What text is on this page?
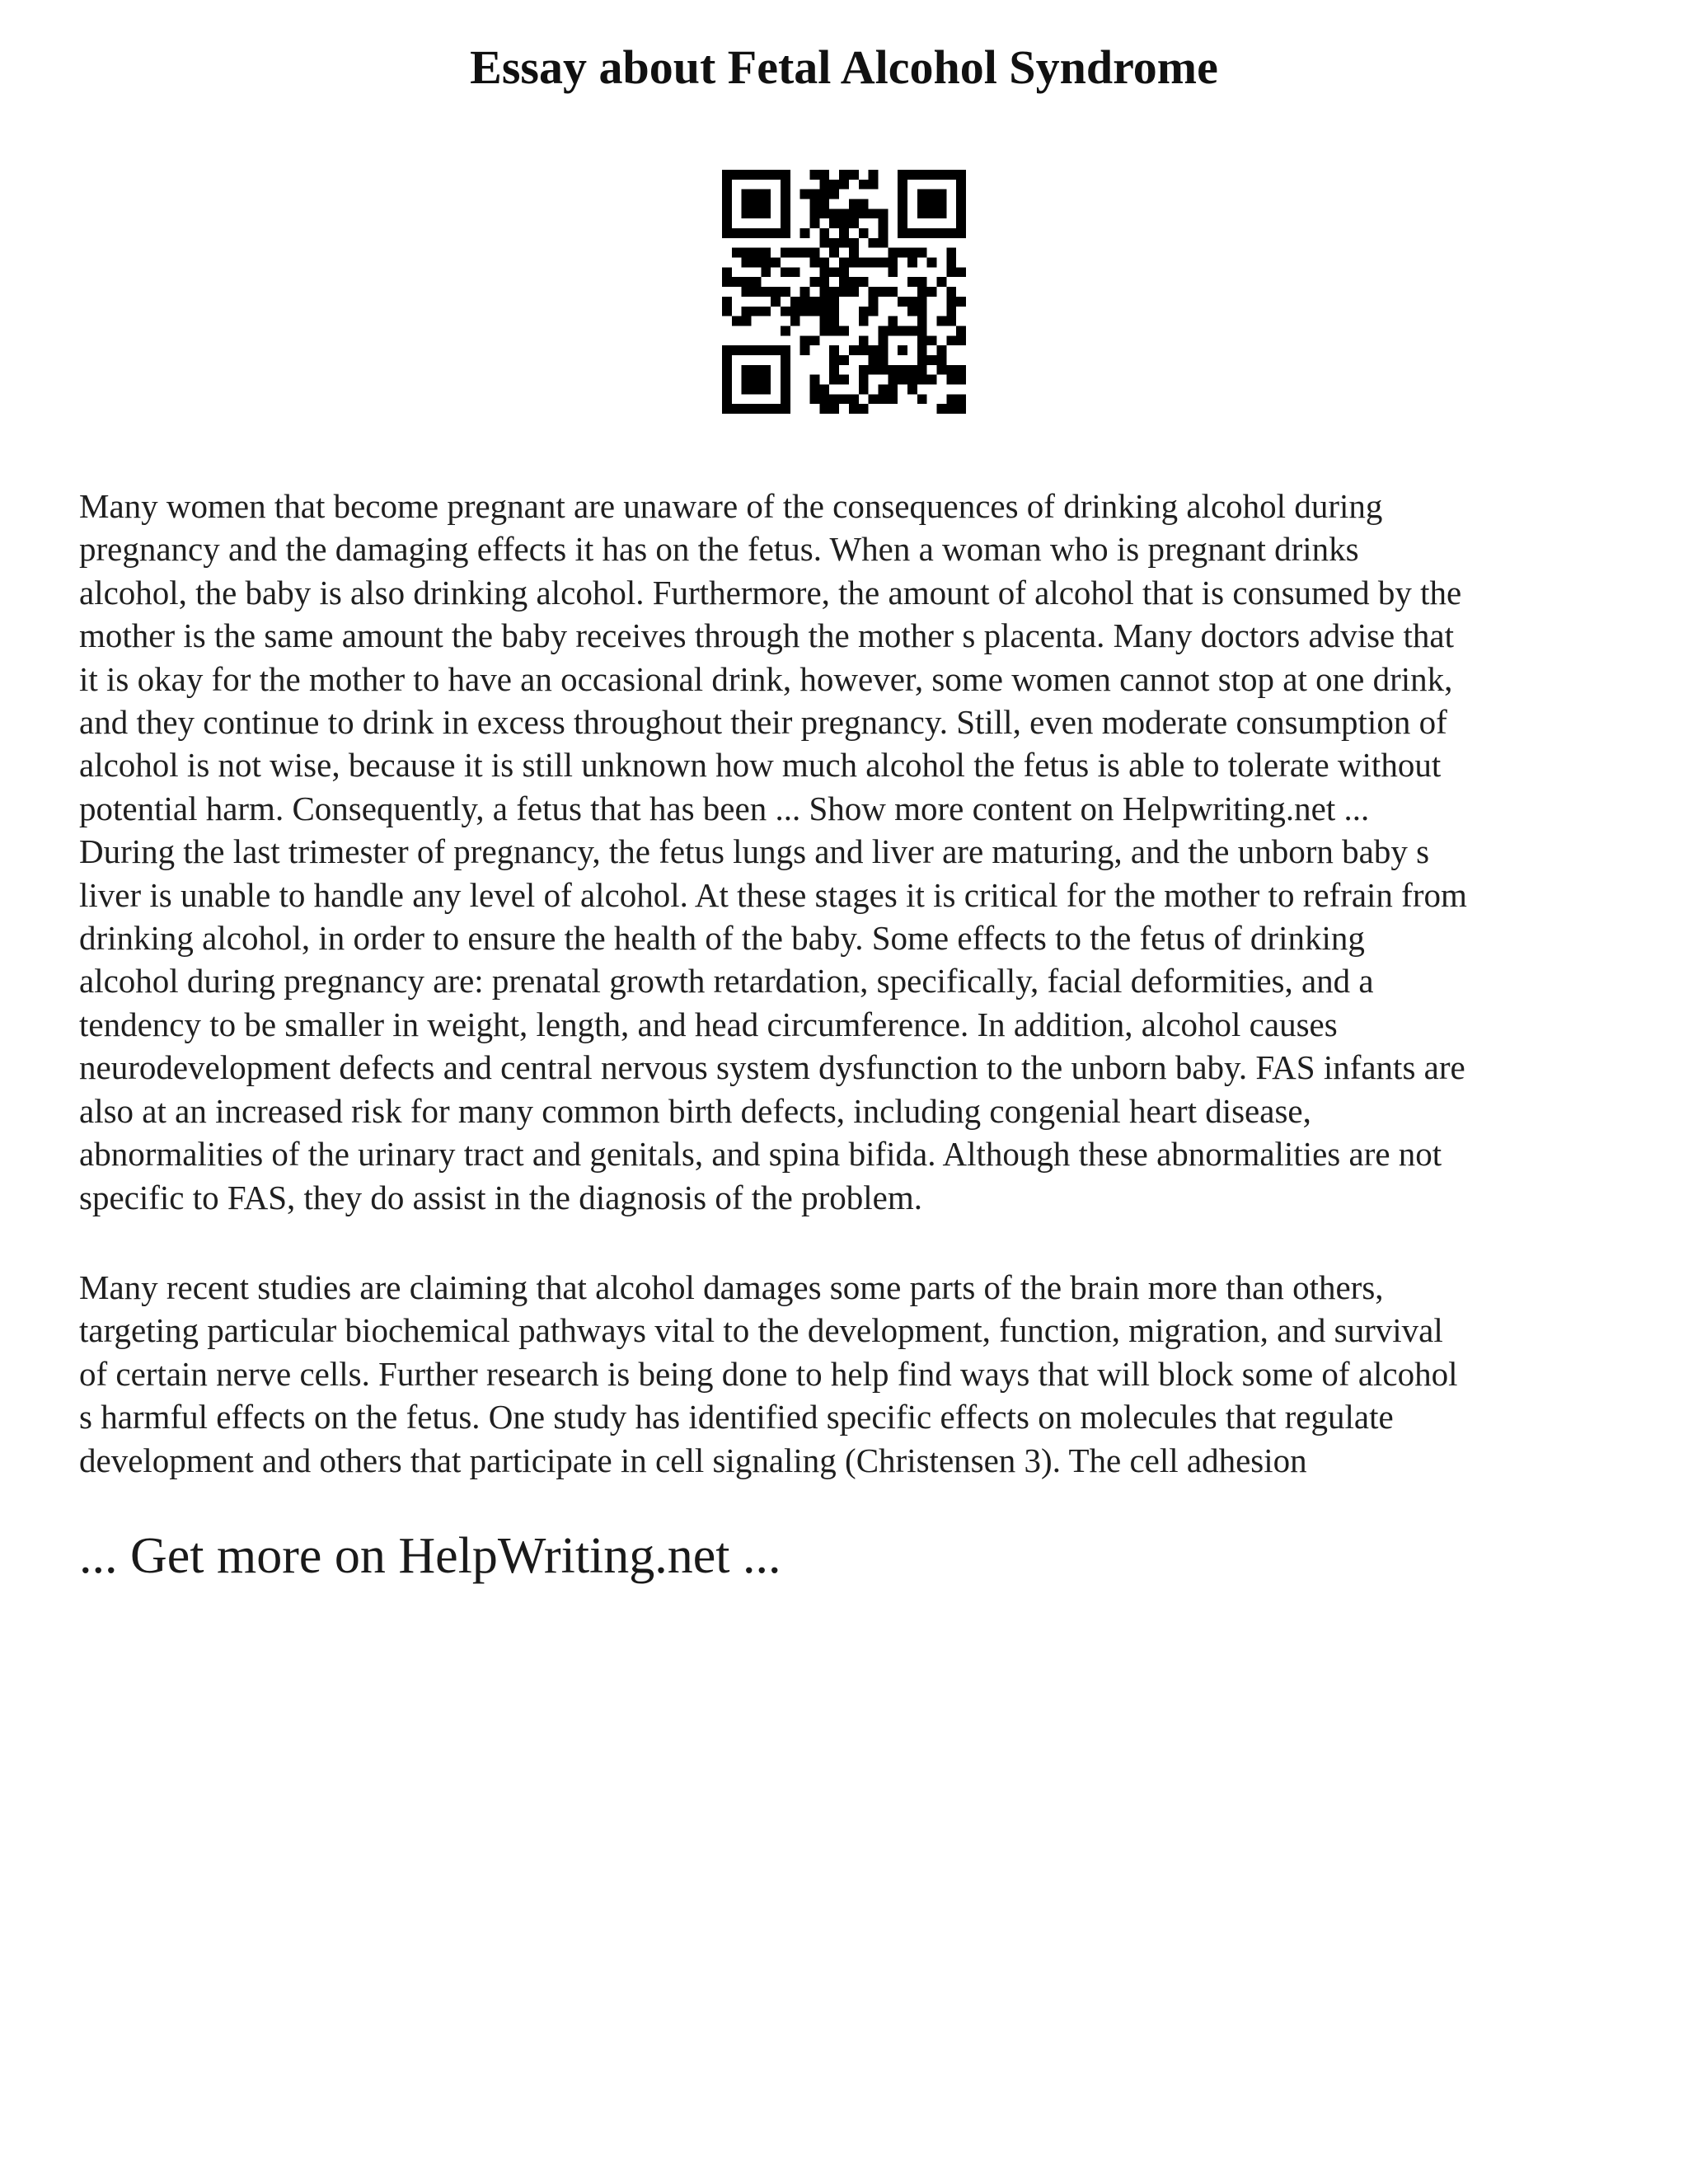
Essay about Fetal Alcohol Syndrome
Many women that become pregnant are unaware of the consequences of drinking alcohol during
pregnancy and the damaging effects it has on the fetus. When a woman who is pregnant drinks
alcohol, the baby is also drinking alcohol. Furthermore, the amount of alcohol that is consumed by the
mother is the same amount the baby receives through the mother s placenta. Many doctors advise that
it is okay for the mother to have an occasional drink, however, some women cannot stop at one drink,
and they continue to drink in excess throughout their pregnancy. Still, even moderate consumption of
alcohol is not wise, because it is still unknown how much alcohol the fetus is able to tolerate without
potential harm. Consequently, a fetus that has been ... Show more content on Helpwriting.net ...
During the last trimester of pregnancy, the fetus lungs and liver are maturing, and the unborn baby s
liver is unable to handle any level of alcohol. At these stages it is critical for the mother to refrain from
drinking alcohol, in order to ensure the health of the baby. Some effects to the fetus of drinking
alcohol during pregnancy are: prenatal growth retardation, specifically, facial deformities, and a
tendency to be smaller in weight, length, and head circumference. In addition, alcohol causes
neurodevelopment defects and central nervous system dysfunction to the unborn baby. FAS infants are
also at an increased risk for many common birth defects, including congenial heart disease,
abnormalities of the urinary tract and genitals, and spina bifida. Although these abnormalities are not
specific to FAS, they do assist in the diagnosis of the problem.
Many recent studies are claiming that alcohol damages some parts of the brain more than others,
targeting particular biochemical pathways vital to the development, function, migration, and survival
of certain nerve cells. Further research is being done to help find ways that will block some of alcohol
s harmful effects on the fetus. One study has identified specific effects on molecules that regulate
development and others that participate in cell signaling (Christensen 3). The cell adhesion
... Get more on HelpWriting.net ...
